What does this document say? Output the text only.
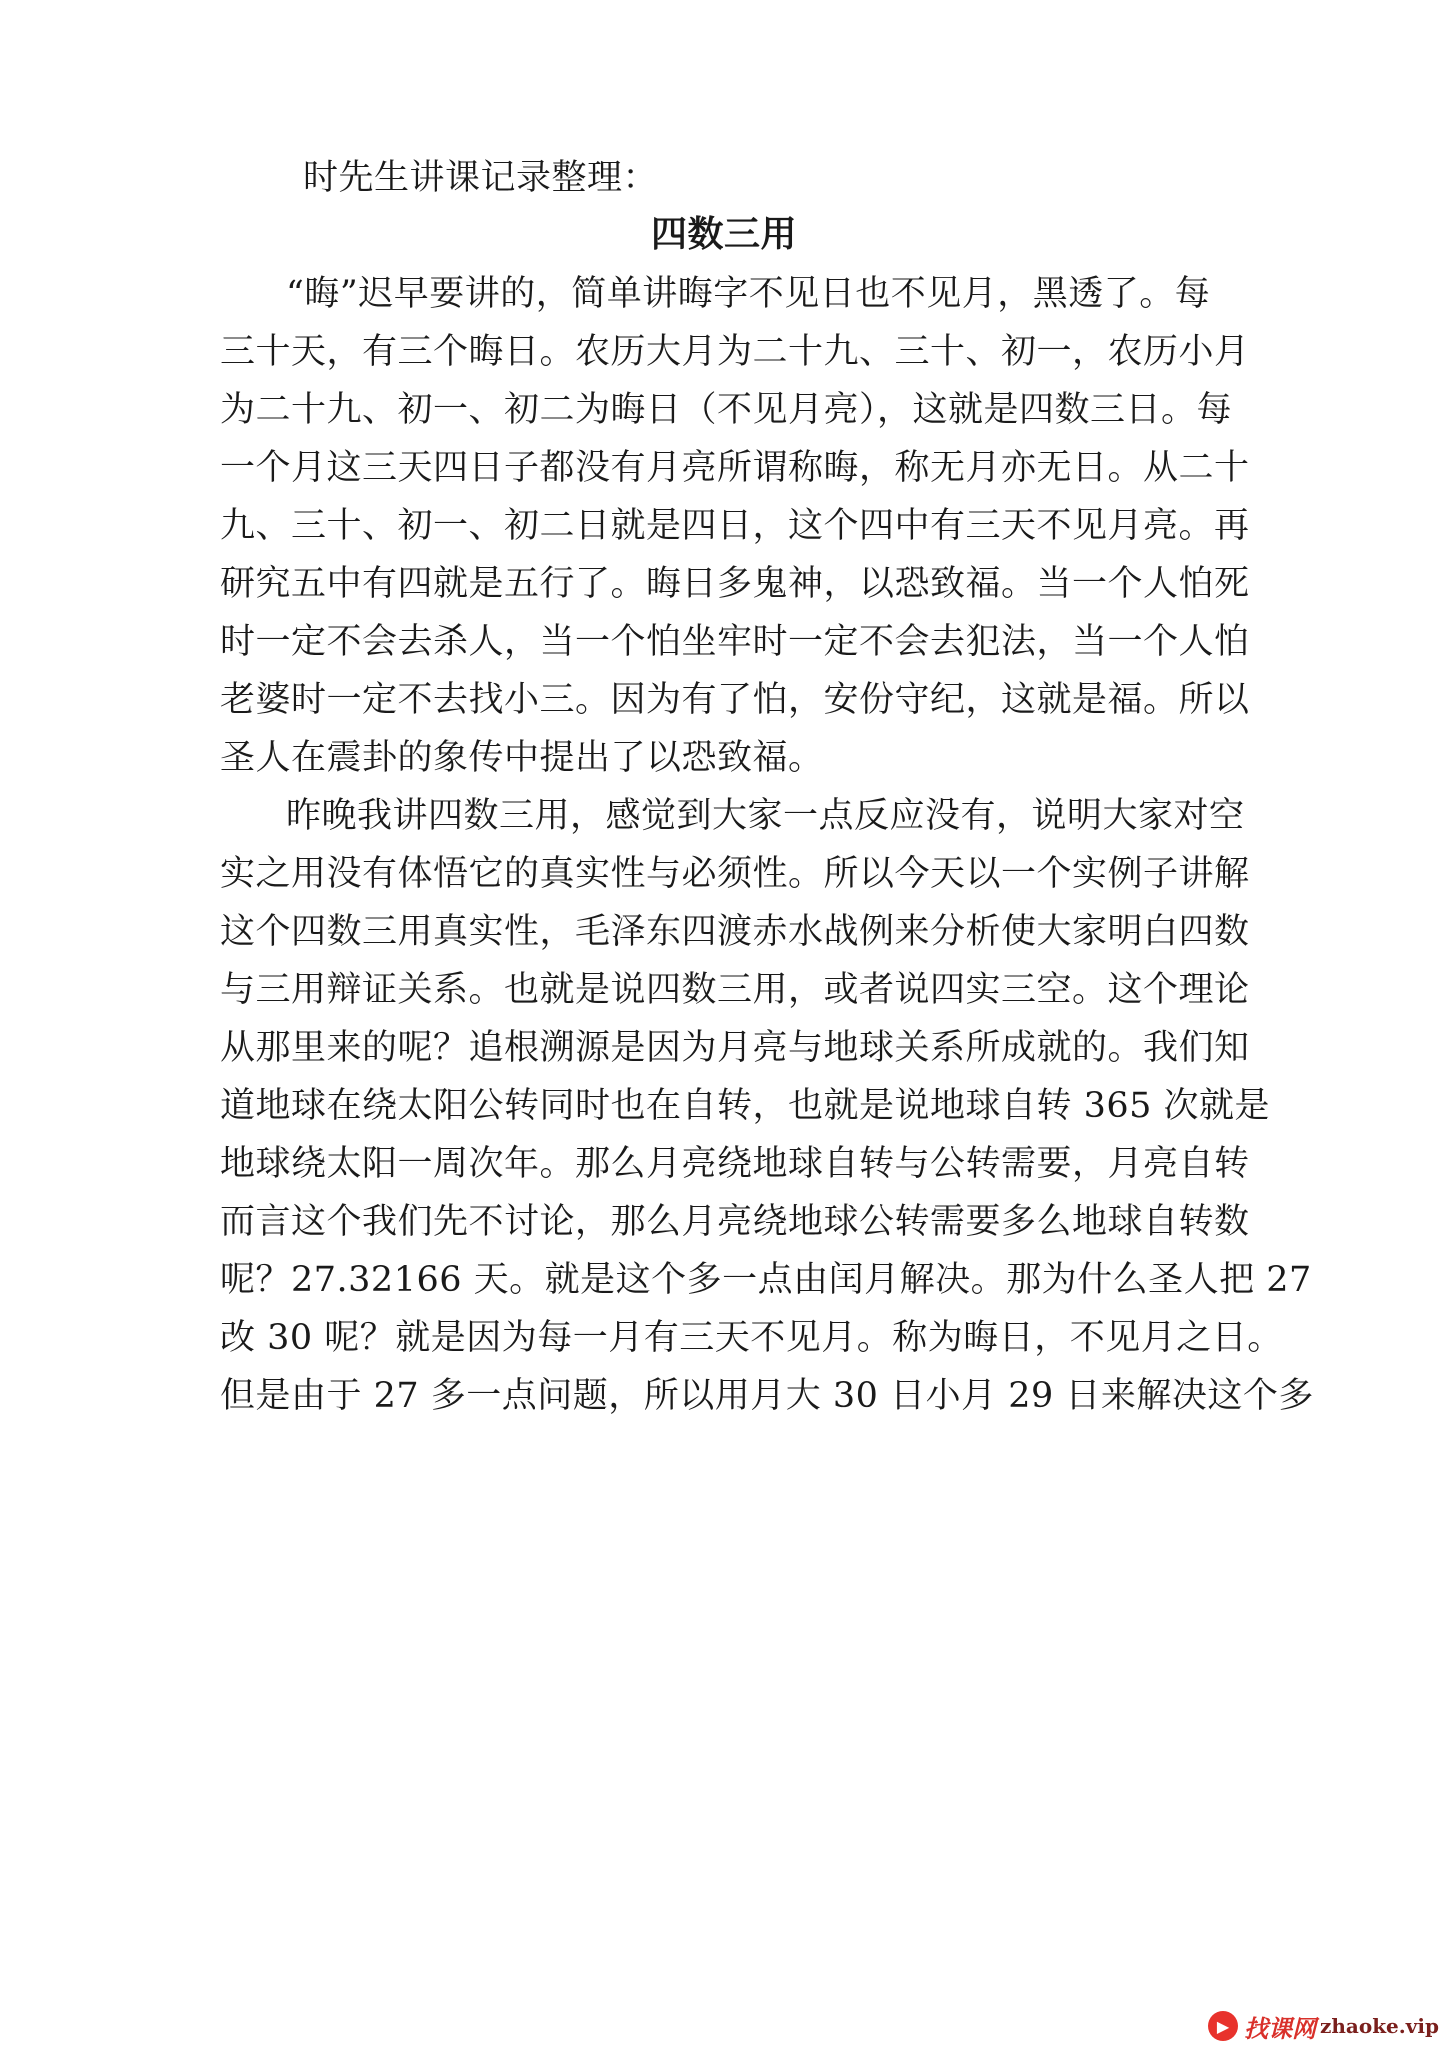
时先生讲课记录整理：
四数三用
“晦”迟早要讲的，简单讲晦字不见日也不见月，黑透了。每
三十天，有三个晦日。农历大月为二十九、三十、初一，农历小月
为二十九、初一、初二为晦日（不见月亮），这就是四数三日。每
一个月这三天四日子都没有月亮所谓称晦，称无月亦无日。从二十
九、三十、初一、初二日就是四日，这个四中有三天不见月亮。再
研究五中有四就是五行了。晦日多鬼神，以恐致福。当一个人怕死
时一定不会去杀人，当一个怕坐牢时一定不会去犯法，当一个人怕
老婆时一定不去找小三。因为有了怕，安份守纪，这就是福。所以
圣人在震卦的象传中提出了以恐致福。
昨晚我讲四数三用，感觉到大家一点反应没有，说明大家对空
实之用没有体悟它的真实性与必须性。所以今天以一个实例子讲解
这个四数三用真实性，毛泽东四渡赤水战例来分析使大家明白四数
与三用辩证关系。也就是说四数三用，或者说四实三空。这个理论
从那里来的呢？追根溯源是因为月亮与地球关系所成就的。我们知
道地球在绕太阳公转同时也在自转，也就是说地球自转 365 次就是
地球绕太阳一周次年。那么月亮绕地球自转与公转需要，月亮自转
而言这个我们先不讨论，那么月亮绕地球公转需要多么地球自转数
呢？27.32166 天。就是这个多一点由闰月解决。那为什么圣人把 27
改 30 呢？就是因为每一月有三天不见月。称为晦日，不见月之日。
但是由于 27 多一点问题，所以用月大 30 日小月 29 日来解决这个多
▶ 找课网 zhaoke.vip
